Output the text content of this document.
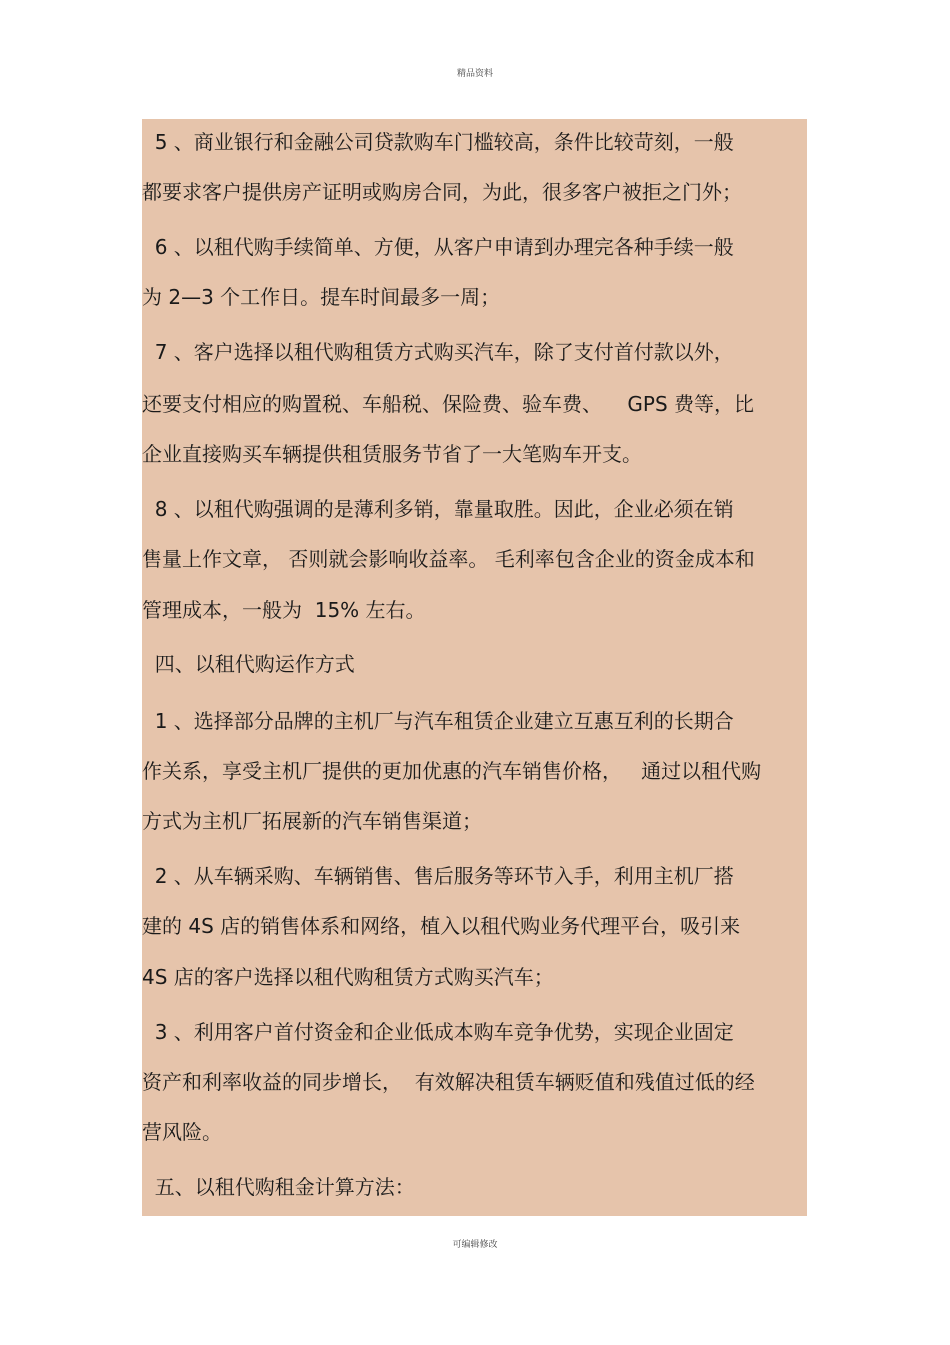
精品资料
5 、商业银行和金融公司贷款购车门槛较高，条件比较苛刻，一般
都要求客户提供房产证明或购房合同，为此，很多客户被拒之门外；
6 、以租代购手续简单、方便，从客户申请到办理完各种手续一般
为 2—3 个工作日。提车时间最多一周；
7 、客户选择以租代购租赁方式购买汽车，除了支付首付款以外，
还要支付相应的购置税、车船税、保险费、验车费、    GPS 费等，比
企业直接购买车辆提供租赁服务节省了一大笔购车开支。
8 、以租代购强调的是薄利多销，靠量取胜。因此，企业必须在销
售量上作文章， 否则就会影响收益率。 毛利率包含企业的资金成本和
管理成本，一般为  15% 左右。
四、以租代购运作方式
1 、选择部分品牌的主机厂与汽车租赁企业建立互惠互利的长期合
作关系，享受主机厂提供的更加优惠的汽车销售价格，   通过以租代购
方式为主机厂拓展新的汽车销售渠道；
2 、从车辆采购、车辆销售、售后服务等环节入手，利用主机厂搭
建的 4S 店的销售体系和网络，植入以租代购业务代理平台，吸引来
4S 店的客户选择以租代购租赁方式购买汽车；
3 、利用客户首付资金和企业低成本购车竞争优势，实现企业固定
资产和利率收益的同步增长，  有效解决租赁车辆贬值和残值过低的经
营风险。
五、以租代购租金计算方法：
可编辑修改
